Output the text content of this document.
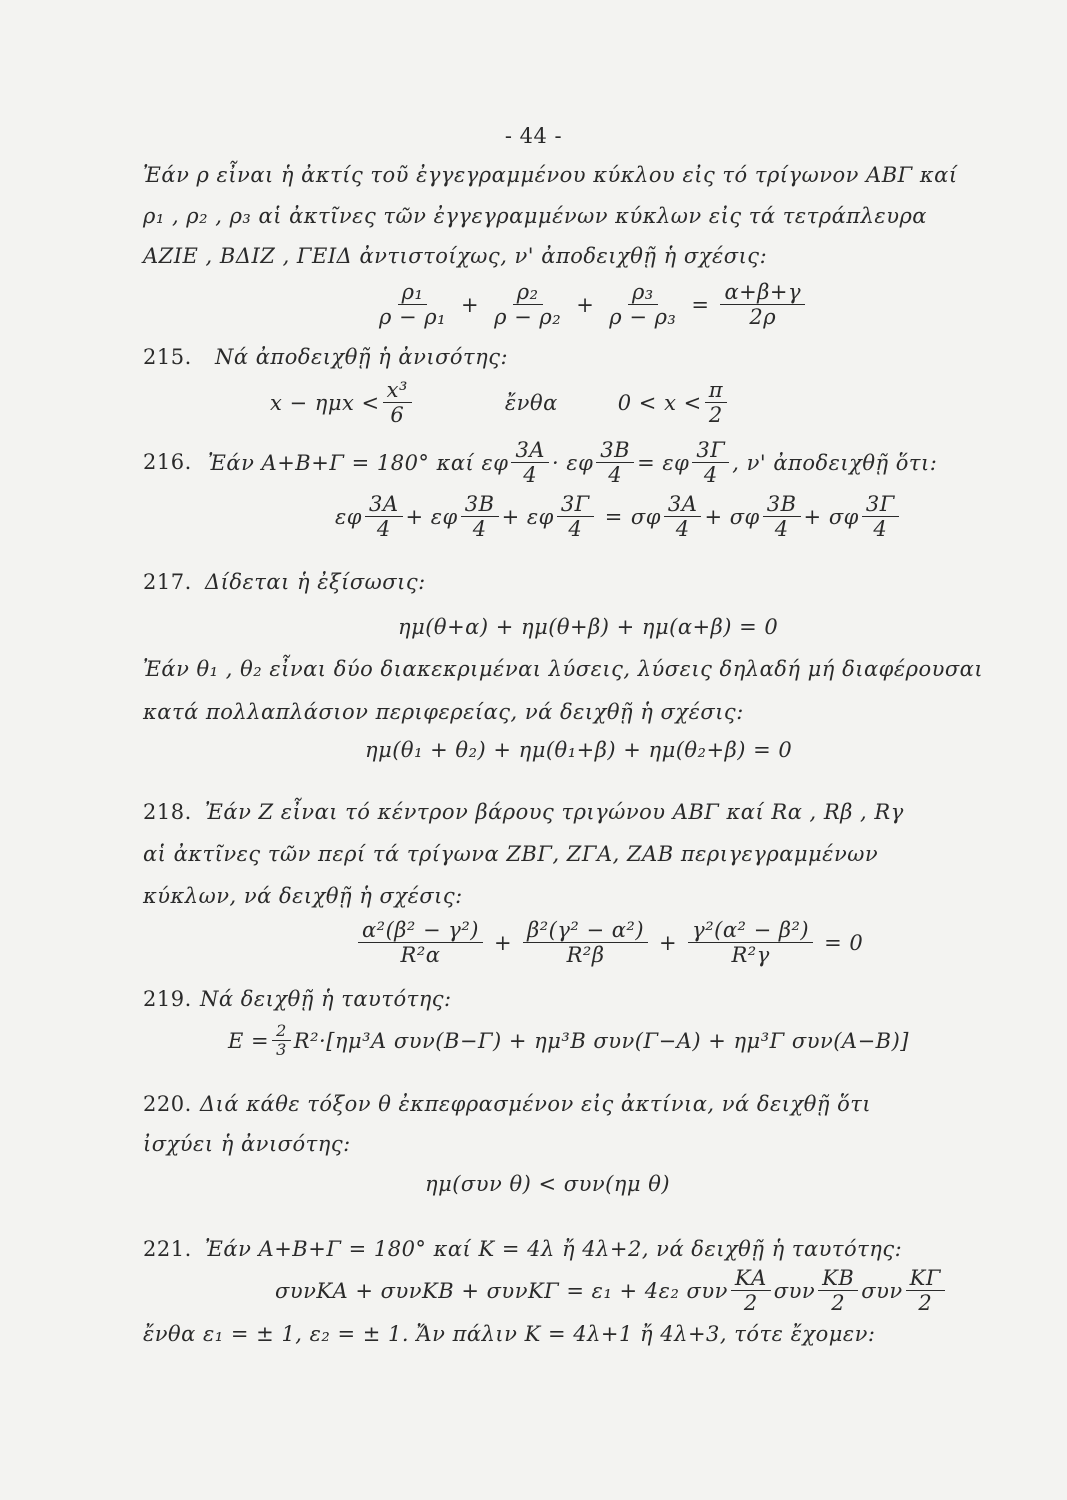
- 44 -
Ἐάν ρ εἶναι ἡ ἀκτίς τοῦ ἐγγεγραμμένου κύκλου εἰς τό τρίγωνον ΑΒΓ καί
ρ₁ , ρ₂ , ρ₃ αἱ ἀκτῖνες τῶν ἐγγεγραμμένων κύκλων εἰς τά τετράπλευρα
ΑΖΙΕ , ΒΔΙΖ , ΓΕΙΔ ἀντιστοίχως, ν' ἀποδειχθῇ ἡ σχέσις:
$\frac{\text{ρ₁}}{\text{ρ − ρ₁}} + \frac{\text{ρ₂}}{\text{ρ − ρ₂}} + \frac{\text{ρ₃}}{\text{ρ − ρ₃}} = \frac{\alpha+\beta+\gamma}{2\rho}$
215. Νά ἀποδειχθῇ ἡ ἀνισότης:
$x - \eta\mu x < \frac{\text{x³}}{6}$	ἔνθα	$0 < x < \frac{\pi}{2}$
216. Ἐάν Α+Β+Γ = 180° καί εφ $\frac{3A}{4} \cdot \varepsilon\varphi \frac{3B}{4} = \varepsilon\varphi \frac{3\Gamma}{4}$ , ν' ἀποδειχθῇ ὅτι:
εφ $\frac{3A}{4} + \varepsilon\varphi \frac{3B}{4} + \varepsilon\varphi \frac{3\Gamma}{4} = \sigma\varphi \frac{3A}{4} + \sigma\varphi \frac{3B}{4} + \sigma\varphi \frac{3\Gamma}{4}$
217. Δίδεται ἡ ἐξίσωσις:
ημ(θ+α) + ημ(θ+β) + ημ(α+β) = 0
Ἐάν θ₁ , θ₂ εἶναι δύο διακεκριμέναι λύσεις, λύσεις δηλαδή μή διαφέρουσαι
κατά πολλαπλάσιον περιφερείας, νά δειχθῇ ἡ σχέσις:
ημ(θ₁ + θ₂) + ημ(θ₁+β) + ημ(θ₂+β) = 0
218. Ἐάν Ζ εἶναι τό κέντρον βάρους τριγώνου ΑΒΓ καί Rα , Rβ , Rγ
αἱ ἀκτῖνες τῶν περί τά τρίγωνα ΖΒΓ, ΖΓΑ, ΖΑΒ περιγεγραμμένων
κύκλων, νά δειχθῇ ἡ σχέσις:
$\frac{\text{α²(β² − γ²)}}{\text{R²α}} + \frac{\text{β²(γ² − α²)}}{\text{R²β}} + \frac{\text{γ²(α² − β²)}}{\text{R²γ}} = 0$
219. Νά δειχθῇ ἡ ταυτότης:
$E = \frac{2}{3} R^2\cdot[\eta\mu^3A$ συν(Β−Γ) + ημ³Β συν(Γ−Α) + ημ³Γ συν(Α−Β)]
220. Διά κάθε τόξον θ ἐκπεφρασμένον εἰς ἀκτίνια, νά δειχθῇ ὅτι
ἰσχύει ἡ ἀνισότης:
ημ(συν θ) < συν(ημ θ)
221. Ἐάν Α+Β+Γ = 180° καί Κ = 4λ ἤ 4λ+2, νά δειχθῇ ἡ ταυτότης:
συνΚΑ + συνΚΒ + συνΚΓ = ε₁ + 4ε₂ συν $\frac{KA}{2}$ συν $\frac{KB}{2}$ συν $\frac{K\Gamma}{2}$
ἔνθα ε₁ = ± 1, ε₂ = ± 1. Ἄν πάλιν Κ = 4λ+1 ἤ 4λ+3, τότε ἔχομεν:
